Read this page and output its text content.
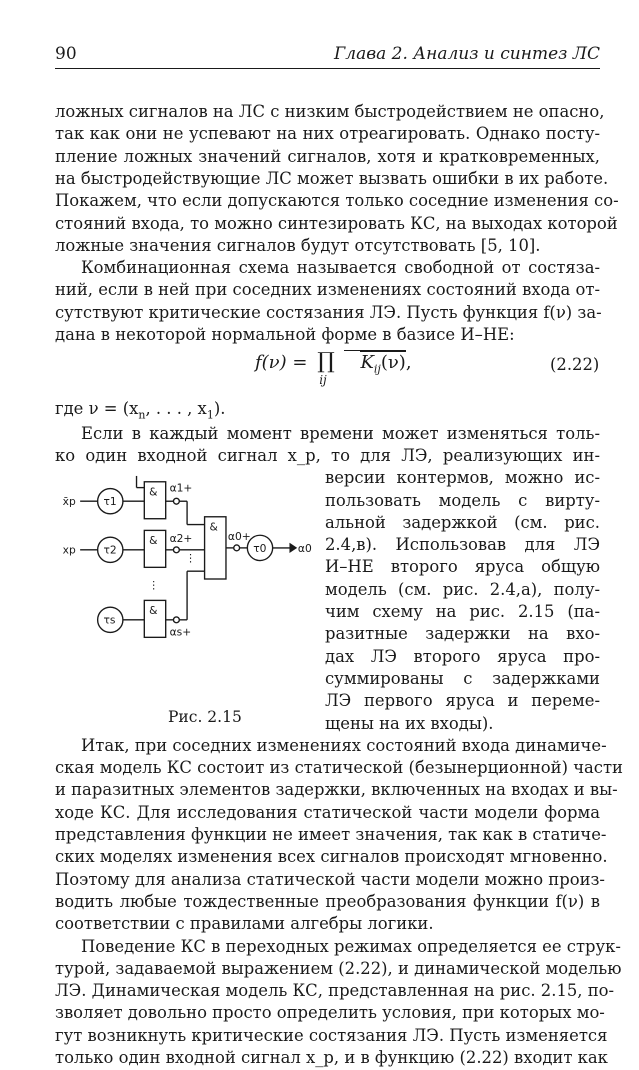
90	Глава 2. Анализ и синтез ЛС
ложных сигналов на ЛС с низким быстродействием не опасно,
так как они не успевают на них отреагировать. Однако посту-
пление ложных значений сигналов, хотя и кратковременных,
на быстродействующие ЛС может вызвать ошибки в их работе.
Покажем, что если допускаются только соседние изменения со-
стояний входа, то можно синтезировать КС, на выходах которой
ложные значения сигналов будут отсутствовать [5, 10].
Комбинационная схема называется свободной от состяза-
ний, если в ней при соседних изменениях состояний входа от-
сутствуют критические состязания ЛЭ. Пусть функция f(ν) за-
дана в некоторой нормальной форме в базисе И–НЕ:
f(ν) = ∏
ij
$K_{ij}(\nu)$,	(2.22)
где $\nu = (x_n$, . . . , $x_1$).
Если в каждый момент времени может изменяться толь-
ко один входной сигнал x_p, то для ЛЭ, реализующих ин-
версии контермов, можно ис-
пользовать модель с вирту-
альной задержкой (см. рис.
2.4,в). Использовав для ЛЭ
И–НЕ второго яруса общую
модель (см. рис. 2.4,a), полу-
чим схему на рис. 2.15 (па-
разитные задержки на вхо-
дах ЛЭ второго яруса про-
суммированы с задержками
ЛЭ первого яруса и переме-
щены на их входы).
x̄p
xp
τ1
τ2
τs
τ0
&
&
&
&
α1+
α2+
αs+
α0+
α0
⋮
⋮
Рис. 2.15
Итак, при соседних изменениях состояний входа динамиче-
ская модель КС состоит из статической (безынерционной) части
и паразитных элементов задержки, включенных на входах и вы-
ходе КС. Для исследования статической части модели форма
представления функции не имеет значения, так как в статиче-
ских моделях изменения всех сигналов происходят мгновенно.
Поэтому для анализа статической части модели можно произ-
водить любые тождественные преобразования функции f(ν) в
соответствии с правилами алгебры логики.
Поведение КС в переходных режимах определяется ее струк-
турой, задаваемой выражением (2.22), и динамической моделью
ЛЭ. Динамическая модель КС, представленная на рис. 2.15, по-
зволяет довольно просто определить условия, при которых мо-
гут возникнуть критические состязания ЛЭ. Пусть изменяется
только один входной сигнал x_p, и в функцию (2.22) входит как
